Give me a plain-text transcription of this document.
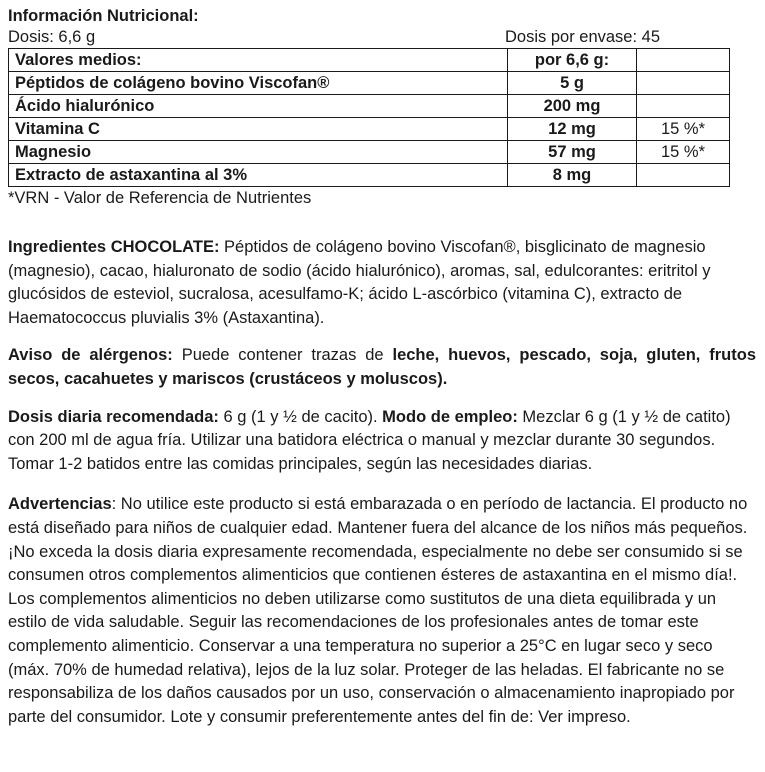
Información Nutricional:
Dosis: 6,6 g	Dosis por envase: 45
Valores medios:	por 6,6 g:	
Péptidos de colágeno bovino Viscofan®	5 g	
Ácido hialurónico	200 mg	
Vitamina C	12 mg	15 %*
Magnesio	57 mg	15 %*
Extracto de astaxantina al 3%	8 mg	
*VRN - Valor de Referencia de Nutrientes

Ingredientes CHOCOLATE: Péptidos de colágeno bovino Viscofan®, bisglicinato de magnesio (magnesio), cacao, hialuronato de sodio (ácido hialurónico), aromas, sal, edulcorantes: eritritol y glucósidos de esteviol, sucralosa, acesulfamo-K; ácido L-ascórbico (vitamina C), extracto de Haematococcus pluvialis 3% (Astaxantina).

Aviso de alérgenos: Puede contener trazas de leche, huevos, pescado, soja, gluten, frutos secos, cacahuetes y mariscos (crustáceos y moluscos).

Dosis diaria recomendada: 6 g (1 y ½ de cacito). Modo de empleo: Mezclar 6 g (1 y ½ de catito) con 200 ml de agua fría. Utilizar una batidora eléctrica o manual y mezclar durante 30 segundos. Tomar 1-2 batidos entre las comidas principales, según las necesidades diarias.

Advertencias: No utilice este producto si está embarazada o en período de lactancia. El producto no está diseñado para niños de cualquier edad. Mantener fuera del alcance de los niños más pequeños. ¡No exceda la dosis diaria expresamente recomendada, especialmente no debe ser consumido si se consumen otros complementos alimenticios que contienen ésteres de astaxantina en el mismo día!. Los complementos alimenticios no deben utilizarse como sustitutos de una dieta equilibrada y un estilo de vida saludable. Seguir las recomendaciones de los profesionales antes de tomar este complemento alimenticio. Conservar a una temperatura no superior a 25°C en lugar seco y seco (máx. 70% de humedad relativa), lejos de la luz solar. Proteger de las heladas. El fabricante no se responsabiliza de los daños causados por un uso, conservación o almacenamiento inapropiado por parte del consumidor. Lote y consumir preferentemente antes del fin de: Ver impreso.
